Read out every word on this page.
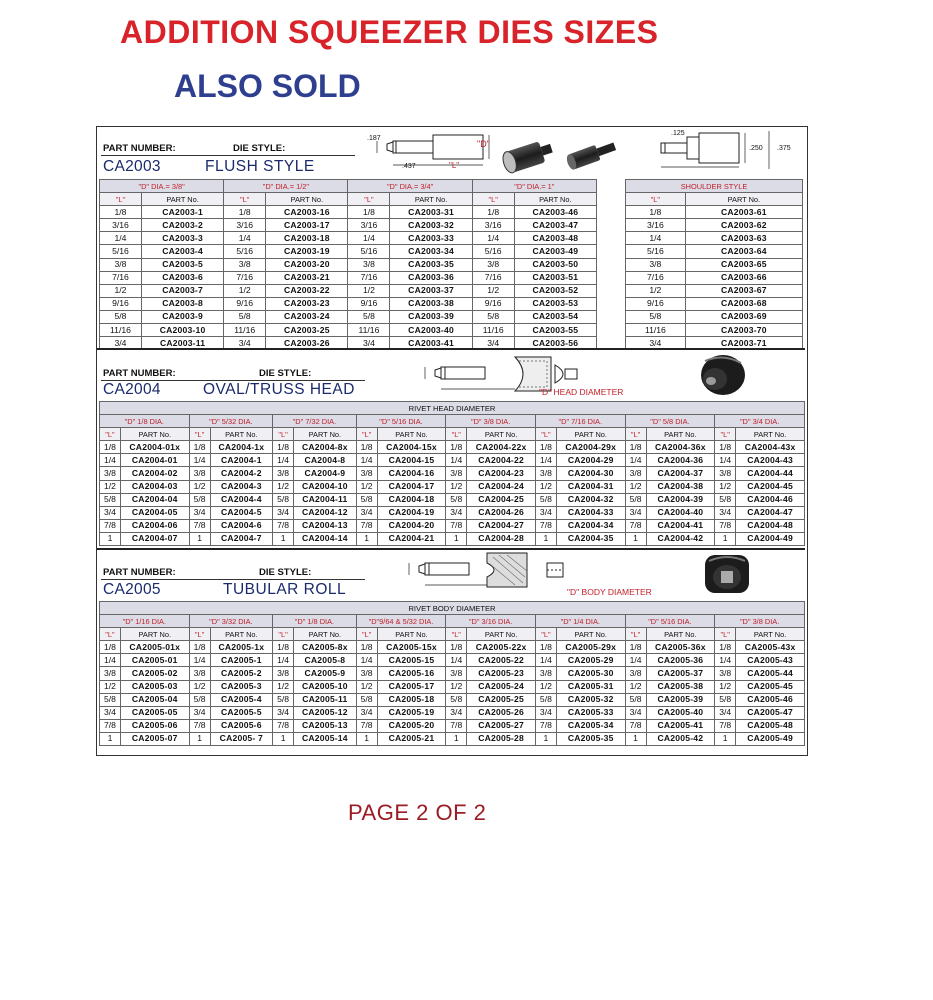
ADDITION SQUEEZER DIES SIZES
ALSO SOLD
PART NUMBER:	DIE STYLE:
CA2003	FLUSH STYLE
.187
.437	"L"
"D"
.125
.250 .375
"D" DIA.= 3/8"		"D" DIA.= 1/2"		"D" DIA.= 3/4"		"D" DIA.= 1"	
"L"	PART No.	"L"	PART No.	"L"	PART No.	"L"	PART No.
1/8	CA2003-1	1/8	CA2003-16	1/8	CA2003-31	1/8	CA2003-46
3/16	CA2003-2	3/16	CA2003-17	3/16	CA2003-32	3/16	CA2003-47
1/4	CA2003-3	1/4	CA2003-18	1/4	CA2003-33	1/4	CA2003-48
5/16	CA2003-4	5/16	CA2003-19	5/16	CA2003-34	5/16	CA2003-49
3/8	CA2003-5	3/8	CA2003-20	3/8	CA2003-35	3/8	CA2003-50
7/16	CA2003-6	7/16	CA2003-21	7/16	CA2003-36	7/16	CA2003-51
1/2	CA2003-7	1/2	CA2003-22	1/2	CA2003-37	1/2	CA2003-52
9/16	CA2003-8	9/16	CA2003-23	9/16	CA2003-38	9/16	CA2003-53
5/8	CA2003-9	5/8	CA2003-24	5/8	CA2003-39	5/8	CA2003-54
11/16	CA2003-10	11/16	CA2003-25	11/16	CA2003-40	11/16	CA2003-55
3/4	CA2003-11	3/4	CA2003-26	3/4	CA2003-41	3/4	CA2003-56
SHOULDER STYLE	
"L"	PART No.
1/8	CA2003-61
3/16	CA2003-62
1/4	CA2003-63
5/16	CA2003-64
3/8	CA2003-65
7/16	CA2003-66
1/2	CA2003-67
9/16	CA2003-68
5/8	CA2003-69
11/16	CA2003-70
3/4	CA2003-71
PART NUMBER:	DIE STYLE:
CA2004	OVAL/TRUSS HEAD	"D" HEAD DIAMETER
RIVET HEAD DIAMETER															
"D" 1/8 DIA.		"D" 5/32 DIA.		"D" 7/32 DIA.		"D" 5/16 DIA.		"D" 3/8 DIA.		"D" 7/16 DIA.		"D" 5/8 DIA.		"D" 3/4 DIA.	
"L"	PART No.	"L"	PART No.	"L"	PART No.	"L"	PART No.	"L"	PART No.	"L"	PART No.	"L"	PART No.	"L"	PART No.
1/8	CA2004-01x	1/8	CA2004-1x	1/8	CA2004-8x	1/8	CA2004-15x	1/8	CA2004-22x	1/8	CA2004-29x	1/8	CA2004-36x	1/8	CA2004-43x
1/4	CA2004-01	1/4	CA2004-1	1/4	CA2004-8	1/4	CA2004-15	1/4	CA2004-22	1/4	CA2004-29	1/4	CA2004-36	1/4	CA2004-43
3/8	CA2004-02	3/8	CA2004-2	3/8	CA2004-9	3/8	CA2004-16	3/8	CA2004-23	3/8	CA2004-30	3/8	CA2004-37	3/8	CA2004-44
1/2	CA2004-03	1/2	CA2004-3	1/2	CA2004-10	1/2	CA2004-17	1/2	CA2004-24	1/2	CA2004-31	1/2	CA2004-38	1/2	CA2004-45
5/8	CA2004-04	5/8	CA2004-4	5/8	CA2004-11	5/8	CA2004-18	5/8	CA2004-25	5/8	CA2004-32	5/8	CA2004-39	5/8	CA2004-46
3/4	CA2004-05	3/4	CA2004-5	3/4	CA2004-12	3/4	CA2004-19	3/4	CA2004-26	3/4	CA2004-33	3/4	CA2004-40	3/4	CA2004-47
7/8	CA2004-06	7/8	CA2004-6	7/8	CA2004-13	7/8	CA2004-20	7/8	CA2004-27	7/8	CA2004-34	7/8	CA2004-41	7/8	CA2004-48
1	CA2004-07	1	CA2004-7	1	CA2004-14	1	CA2004-21	1	CA2004-28	1	CA2004-35	1	CA2004-42	1	CA2004-49
PART NUMBER:	DIE STYLE:
CA2005	TUBULAR ROLL	"D" BODY DIAMETER
RIVET BODY DIAMETER															
"D" 1/16 DIA.		"D" 3/32 DIA.		"D" 1/8 DIA.		"D"9/64 & 5/32 DIA.		"D" 3/16 DIA.		"D" 1/4 DIA.		"D" 5/16 DIA.		"D" 3/8 DIA.	
"L"	PART No.	"L"	PART No.	"L"	PART No.	"L"	PART No.	"L"	PART No.	"L"	PART No.	"L"	PART No.	"L"	PART No.
1/8	CA2005-01x	1/8	CA2005-1x	1/8	CA2005-8x	1/8	CA2005-15x	1/8	CA2005-22x	1/8	CA2005-29x	1/8	CA2005-36x	1/8	CA2005-43x
1/4	CA2005-01	1/4	CA2005-1	1/4	CA2005-8	1/4	CA2005-15	1/4	CA2005-22	1/4	CA2005-29	1/4	CA2005-36	1/4	CA2005-43
3/8	CA2005-02	3/8	CA2005-2	3/8	CA2005-9	3/8	CA2005-16	3/8	CA2005-23	3/8	CA2005-30	3/8	CA2005-37	3/8	CA2005-44
1/2	CA2005-03	1/2	CA2005-3	1/2	CA2005-10	1/2	CA2005-17	1/2	CA2005-24	1/2	CA2005-31	1/2	CA2005-38	1/2	CA2005-45
5/8	CA2005-04	5/8	CA2005-4	5/8	CA2005-11	5/8	CA2005-18	5/8	CA2005-25	5/8	CA2005-32	5/8	CA2005-39	5/8	CA2005-46
3/4	CA2005-05	3/4	CA2005-5	3/4	CA2005-12	3/4	CA2005-19	3/4	CA2005-26	3/4	CA2005-33	3/4	CA2005-40	3/4	CA2005-47
7/8	CA2005-06	7/8	CA2005-6	7/8	CA2005-13	7/8	CA2005-20	7/8	CA2005-27	7/8	CA2005-34	7/8	CA2005-41	7/8	CA2005-48
1	CA2005-07	1	CA2005- 7	1	CA2005-14	1	CA2005-21	1	CA2005-28	1	CA2005-35	1	CA2005-42	1	CA2005-49
PAGE 2 OF 2
